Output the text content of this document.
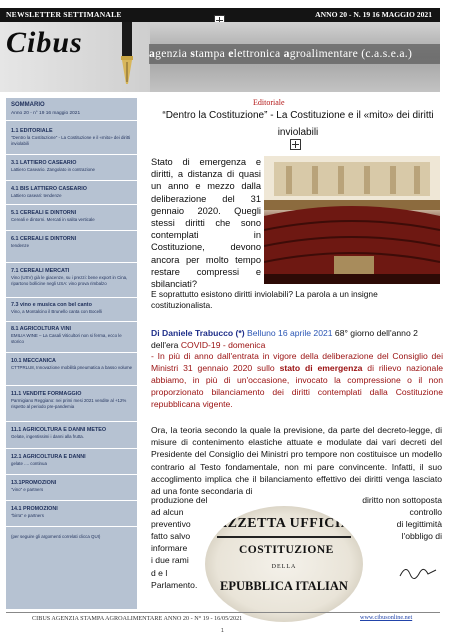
NEWSLETTER SETTIMANALE	ANNO 20 - N. 19 16 MAGGIO 2021
Cibus	agenzia stampa elettronica agroalimentare (c.a.s.e.a.)
SOMMARIO
Anno 20 - n° 19 16 maggio 2021
1.1 EDITORIALE
"Dentro la Costituzione" - La Costituzione e il «mito» dei diritti inviolabili
3.1 LATTIERO CASEARIO
Lattiero Caseario. Zangolato in contrazione
4.1 BIS LATTIERO CASEARIO
Lattiero caseari: tendenze
5.1 CEREALI E DINTORNI
Cereali e dintorni. Mercati in salita verticale
6.1 CEREALI E DINTORNI
tendenze
7.1 CEREALI MERCATI
Vino (USV) già le giacenze, su i prezzi: bene export in Cina, ripartono bollicine negli USA: vino prova rimbalzo
7.3 vino e musica con bel canto
Vino, a Montalcino il Brunello canta con Bocelli
8.1 AGRICOLTURA VINI
EMILIA WINE – La Casali Viticultori non si ferma, ecco le storico
10.1 MECCANICA
CTTPRLU8, Innovazione mobilità pneumatica a basso volume
11.1 VENDITE FORMAGGIO
Parmigiano Reggiano: nei primi mesi 2021 vendite al +12% rispetto al periodo pre-pandemia
11.1 AGRICOLTURA E DANNI METEO
Gelate, ingentissimi i danni alla frutta.
12.1 AGRICOLTURA E DANNI
gelate .... continua
13.1PROMOZIONI
"vino" e partners
14.1 PROMOZIONI
"birra" e partners
(per seguire gli argomenti correlati clicca QUI)
Editoriale
“Dentro la Costituzione” - La Costituzione e il «mito» dei diritti inviolabili
Stato di emergenza e diritti, a distanza di quasi un anno e mezzo dalla deliberazione del 31 gennaio 2020. Quegli stessi diritti che sono contemplati in Costituzione, devono ancora per molto tempo restare compressi e sbilanciati?
E soprattutto esistono diritti inviolabili? La parola a un insigne costituzionalista.
Di Daniele Trabucco (*) Belluno 16 aprile 2021 68° giorno dell'anno 2 dell'era COVID-19 - domenica
- In più di anno dall'entrata in vigore della deliberazione del Consiglio dei Ministri 31 gennaio 2020 sullo stato di emergenza di rilievo nazionale abbiamo, in più di un'occasione, invocato la compressione o il non proporzionato bilanciamento dei diritti contemplati dalla Costituzione repubblicana vigente.
Ora, la teoria secondo la quale la previsione, da parte del decreto-legge, di misure di contenimento elastiche attuate e modulate dai vari decreti del Presidente del Consiglio dei Ministri pro tempore non costituisce un modello contrario al Testo fondamentale, non mi pare convincente. Infatti, il suo accoglimento implica che il bilanciamento effettivo dei diritti venga lasciato ad una fonte secondaria di
produzione del	diritto non sottoposta
ad alcun	controllo
preventivo	di legittimità
fatto salvo	l'obbligo di
informare
i due rami
d e l
Parlamento.
AZZETTA UFFICIA
COSTITUZIONE
DELLA
EPUBBLICA ITALIAN
CIBUS AGENZIA STAMPA AGROALIMENTARE ANNO 20 - N° 19 - 16/05/2021	www.cibusonline.net
1
